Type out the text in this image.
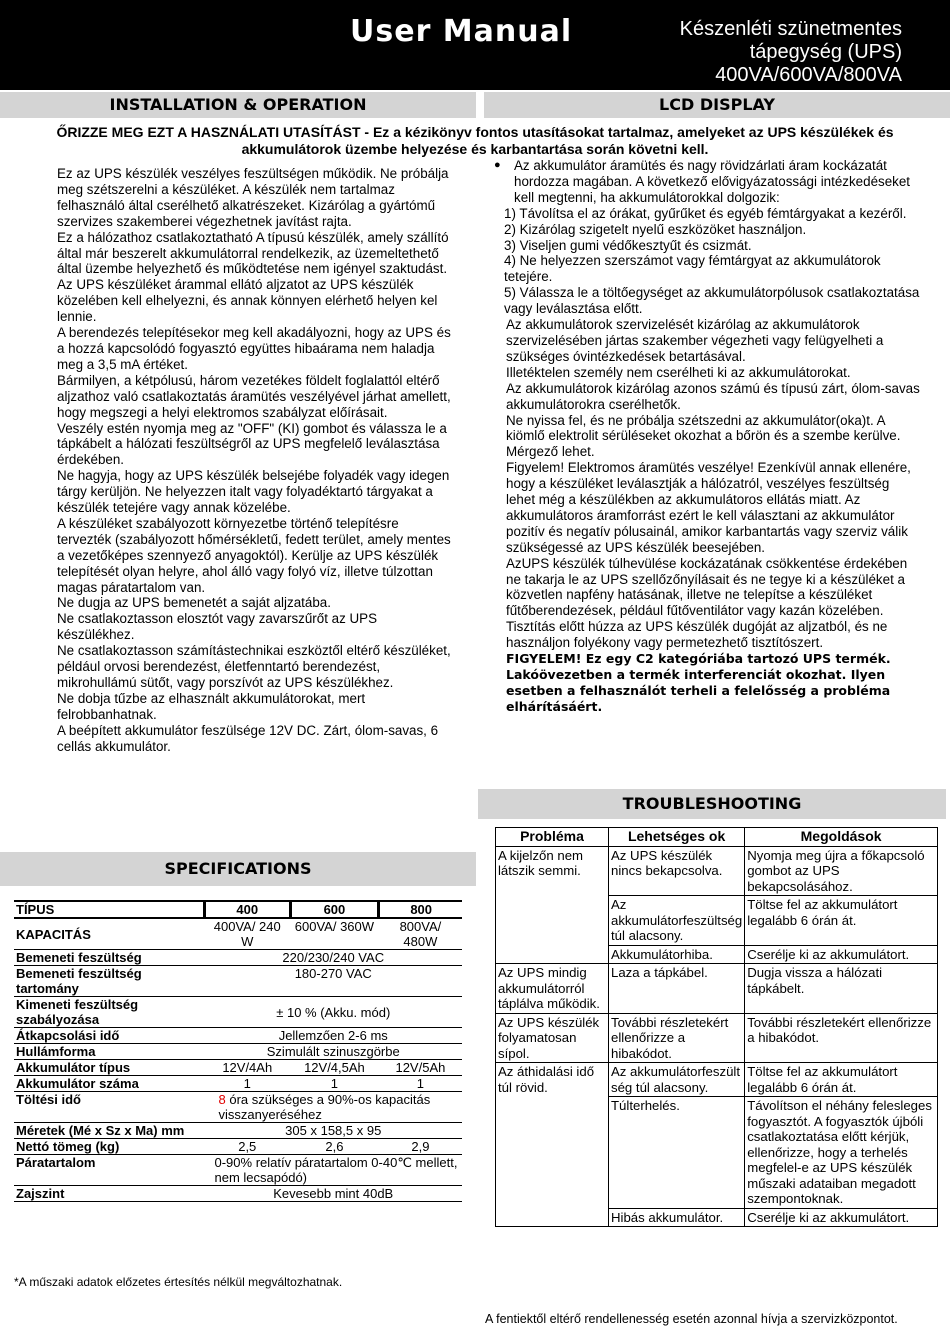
User Manual	Készenléti szünetmentes
tápegység (UPS)
400VA/600VA/800VA
INSTALLATION & OPERATION	LCD DISPLAY
ŐRIZZE MEG EZT A HASZNÁLATI UTASÍTÁST - Ez a kézikönyv fontos utasításokat tartalmaz, amelyeket az UPS készülékek és akkumulátorok üzembe helyezése és karbantartása során követni kell.

Ez az UPS készülék veszélyes feszültségen működik. Ne próbálja meg szétszerelni a készüléket. A készülék nem tartalmaz felhasználó által cserélhető alkatrészeket. Kizárólag a gyártómű szervizes szakemberei végezhetnek javítást rajta.

Ez a hálózathoz csatlakoztatható A típusú készülék, amely szállító által már beszerelt akkumulátorral rendelkezik, az üzemeltethető által üzembe helyezhető és működtetése nem igényel szaktudást.

Az UPS készüléket árammal ellátó aljzatot az UPS készülék közelében kell elhelyezni, és annak könnyen elérhető helyen kel lennie.

A berendezés telepítésekor meg kell akadályozni, hogy az UPS és a hozzá kapcsolódó fogyasztó együttes hibaárama nem haladja meg a 3,5 mA értéket.

Bármilyen, a kétpólusú, három vezetékes földelt foglalattól eltérő aljzathoz való csatlakoztatás áramütés veszélyével járhat amellett, hogy megszegi a helyi elektromos szabályzat előírásait.

Veszély estén nyomja meg az "OFF" (KI) gombot és válassza le a tápkábelt a hálózati feszültségről az UPS megfelelő leválasztása érdekében.

Ne hagyja, hogy az UPS készülék belsejébe folyadék vagy idegen tárgy kerüljön. Ne helyezzen italt vagy folyadéktartó tárgyakat a készülék tetejére vagy annak közelébe.

A készüléket szabályozott környezetbe történő telepítésre tervezték (szabályozott hőmérsékletű, fedett terület, amely mentes a vezetőképes szennyező anyagoktól). Kerülje az UPS készülék telepítését olyan helyre, ahol álló vagy folyó víz, illetve túlzottan magas páratartalom van.

Ne dugja az UPS bemenetét a saját aljzatába.

Ne csatlakoztasson elosztót vagy zavarszűrőt az UPS készülékhez.

Ne csatlakoztasson számítástechnikai eszköztől eltérő készüléket, például orvosi berendezést, életfenntartó berendezést, mikrohullámú sütőt, vagy porszívót az UPS készülékhez.

Ne dobja tűzbe az elhasznált akkumulátorokat, mert felrobbanhatnak.

A beépített akkumulátor feszülsége 12V DC. Zárt, ólom-savas, 6 cellás akkumulátor.

● Az akkumulátor áramütés és nagy rövidzárlati áram kockázatát hordozza magában. A következő elővigyázatossági intézkedéseket kell megtenni, ha akkumulátorokkal dolgozik:

1) Távolítsa el az órákat, gyűrűket és egyéb fémtárgyakat a kezéről.

2) Kizárólag szigetelt nyelű eszközöket használjon.

3) Viseljen gumi védőkesztyűt és csizmát.

4) Ne helyezzen szerszámot vagy fémtárgyat az akkumulátorok tetejére.

5) Válassza le a töltőegységet az akkumulátorpólusok csatlakoztatása vagy leválasztása előtt.

Az akkumulátorok szervizelését kizárólag az akkumulátorok szervizelésében jártas szakember végezheti vagy felügyelheti a szükséges óvintézkedések betartásával.

Illetéktelen személy nem cserélheti ki az akkumulátorokat.

Az akkumulátorok kizárólag azonos számú és típusú zárt, ólom-savas akkumulátorokra cserélhetők.

Ne nyissa fel, és ne próbálja szétszedni az akkumulátor(oka)t. A kiömlő elektrolit sérüléseket okozhat a bőrön és a szembe kerülve. Mérgező lehet.

Figyelem! Elektromos áramütés veszélye! Ezenkívül annak ellenére, hogy a készüléket leválasztják a hálózatról, veszélyes feszültség lehet még a készülékben az akkumulátoros ellátás miatt. Az akkumulátoros áramforrást ezért le kell választani az akkumulátor pozitív és negatív pólusainál, amikor karbantartás vagy szerviz válik szükségessé az UPS készülék beesejében.

AzUPS készülék túlhevülése kockázatának csökkentése érdekében ne takarja le az UPS szellőzőnyílásait és ne tegye ki a készüléket a közvetlen napfény hatásának, illetve ne telepítse a készüléket fűtőberendezések, például fűtőventilátor vagy kazán közelében.

Tisztítás előtt húzza az UPS készülék dugóját az aljzatból, és ne használjon folyékony vagy permetezhető tisztítószert.

FIGYELEM! Ez egy C2 kategóriába tartozó UPS termék. Lakóövezetben a termék interferenciát okozhat. Ilyen esetben a felhasználót terheli a felelősség a probléma elhárításáért.

SPECIFICATIONS
TÍPUS	400	600	800
KAPACITÁS	400VA/ 240 W	600VA/ 360W	800VA/ 480W
Bemeneti feszültség	220/230/240 VAC		
Bemeneti feszültség tartomány	180-270 VAC		
Kimeneti feszültség szabályozása	± 10 % (Akku. mód)		
Átkapcsolási idő	Jellemzően 2-6 ms		
Hullámforma	Szimulált szinuszgörbe		
Akkumulátor típus	12V/4Ah	12V/4,5Ah	12V/5Ah
Akkumulátor száma	1	1	1
Töltési idő	8 óra szükséges a 90%-os kapacitás visszanyeréséhez		
Méretek (Mé x Sz x Ma) mm	305 x 158,5 x 95		
Nettó tömeg (kg)	2,5	2,6	2,9
Páratartalom	0-90% relatív páratartalom 0-40℃ mellett, nem lecsapódó)		
Zajszint	Kevesebb mint 40dB		
*A műszaki adatok előzetes értesítés nélkül megváltozhatnak.
TROUBLESHOOTING
Probléma	Lehetséges ok	Megoldások
A kijelzőn nem látszik semmi.	Az UPS készülék nincs bekapcsolva.	Nyomja meg újra a főkapcsoló gombot az UPS bekapcsolásához.
	Az akkumulátorfeszültség túl alacsony.	Töltse fel az akkumulátort legalább 6 órán át.
	Akkumulátorhiba.	Cserélje ki az akkumulátort.
Az UPS mindig akkumulátorról táplálva működik.	Laza a tápkábel.	Dugja vissza a hálózati tápkábelt.
Az UPS készülék folyamatosan sípol.	További részletekért ellenőrizze a hibakódot.	További részletekért ellenőrizze a hibakódot.
Az áthidalási idő túl rövid.	Az akkumulátorfeszült ség túl alacsony.	Töltse fel az akkumulátort legalább 6 órán át.
	Túlterhelés.	Távolítson el néhány felesleges fogyasztót. A fogyasztók újbóli csatlakoztatása előtt kérjük, ellenőrizze, hogy a terhelés megfelel-e az UPS készülék műszaki adataiban megadott szempontoknak.
	Hibás akkumulátor.	Cserélje ki az akkumulátort.
A fentiektől eltérő rendellenesség esetén azonnal hívja a szervizközpontot.
